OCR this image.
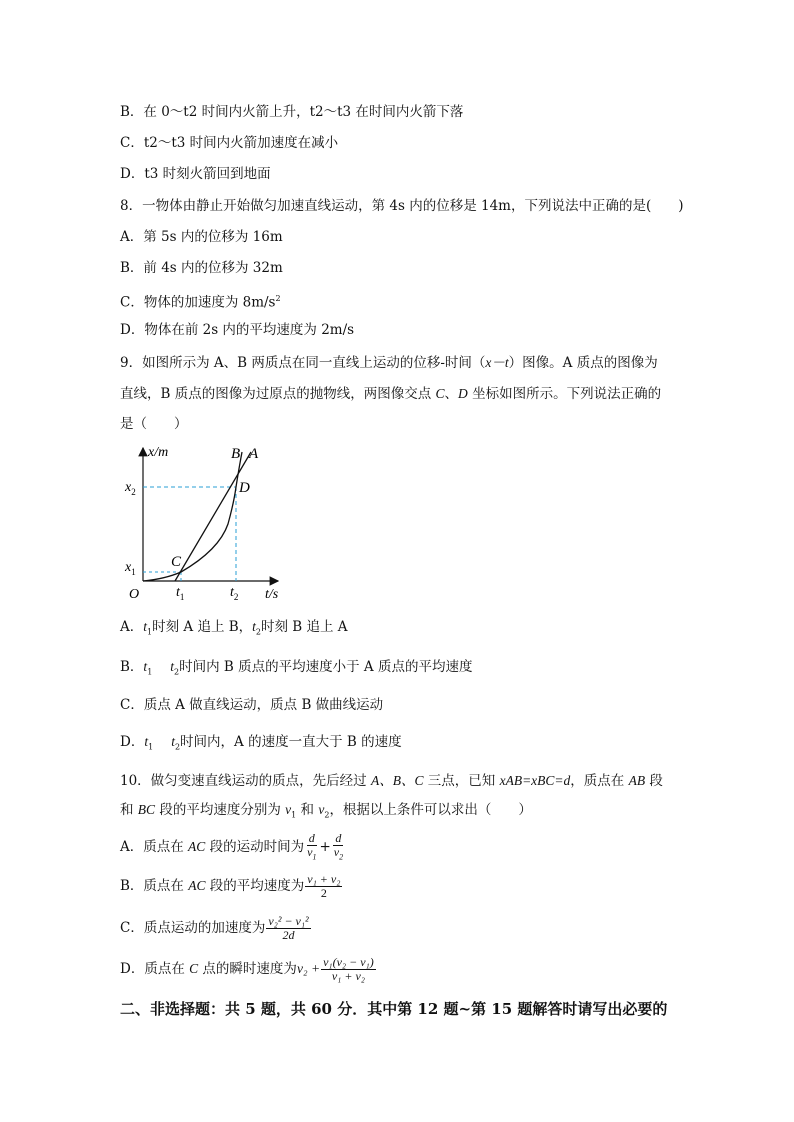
B．在 0～t2 时间内火箭上升，t2～t3 在时间内火箭下落
C．t2～t3 时间内火箭加速度在减小
D．t3 时刻火箭回到地面
8．一物体由静止开始做匀加速直线运动，第 4s 内的位移是 14m，下列说法中正确的是(　　)
A．第 5s 内的位移为 16m
B．前 4s 内的位移为 32m
C．物体的加速度为 $8m/s^2$
D．物体在前 2s 内的平均速度为 2m/s
9．如图所示为 A、B 两质点在同一直线上运动的位移-时间（x－t）图像。A 质点的图像为
直线，B 质点的图像为过原点的抛物线，两图像交点 C、D 坐标如图所示。下列说法正确的
是（　　）
x/m
t/s
O
$x_2$
$x_1$
$t_1$	$t_2$
C
D
B A
A．$t_1$时刻 A 追上 B，$t_2$时刻 B 追上 A
B．$t_1$ $t_2$时间内 B 质点的平均速度小于 A 质点的平均速度
C．质点 A 做直线运动，质点 B 做曲线运动
D．$t_1$ $t_2$时间内，A 的速度一直大于 B 的速度
10．做匀变速直线运动的质点，先后经过 A、B、C 三点，已知 xAB=xBC=d，质点在 AB 段
和 BC 段的平均速度分别为 $v_1$ 和 $v_2$，根据以上条件可以求出（　　）
A．质点在 AC 段的运动时间为 $\frac{d}{v_1} + \frac{d}{v_2}$
B．质点在 AC 段的平均速度为 $\frac{\text{v₁ + v₂}}{2}$
C．质点运动的加速度为 $\frac{\text{v₂² − v₁²}}{2d}$
D．质点在 C 点的瞬时速度为$v_2 + \frac{\text{v₁(v₂ − v₁)}}{\text{v₁ + v₂}}$
二、非选择题：共 5 题，共 60 分．其中第 12 题~第 15 题解答时请写出必要的
